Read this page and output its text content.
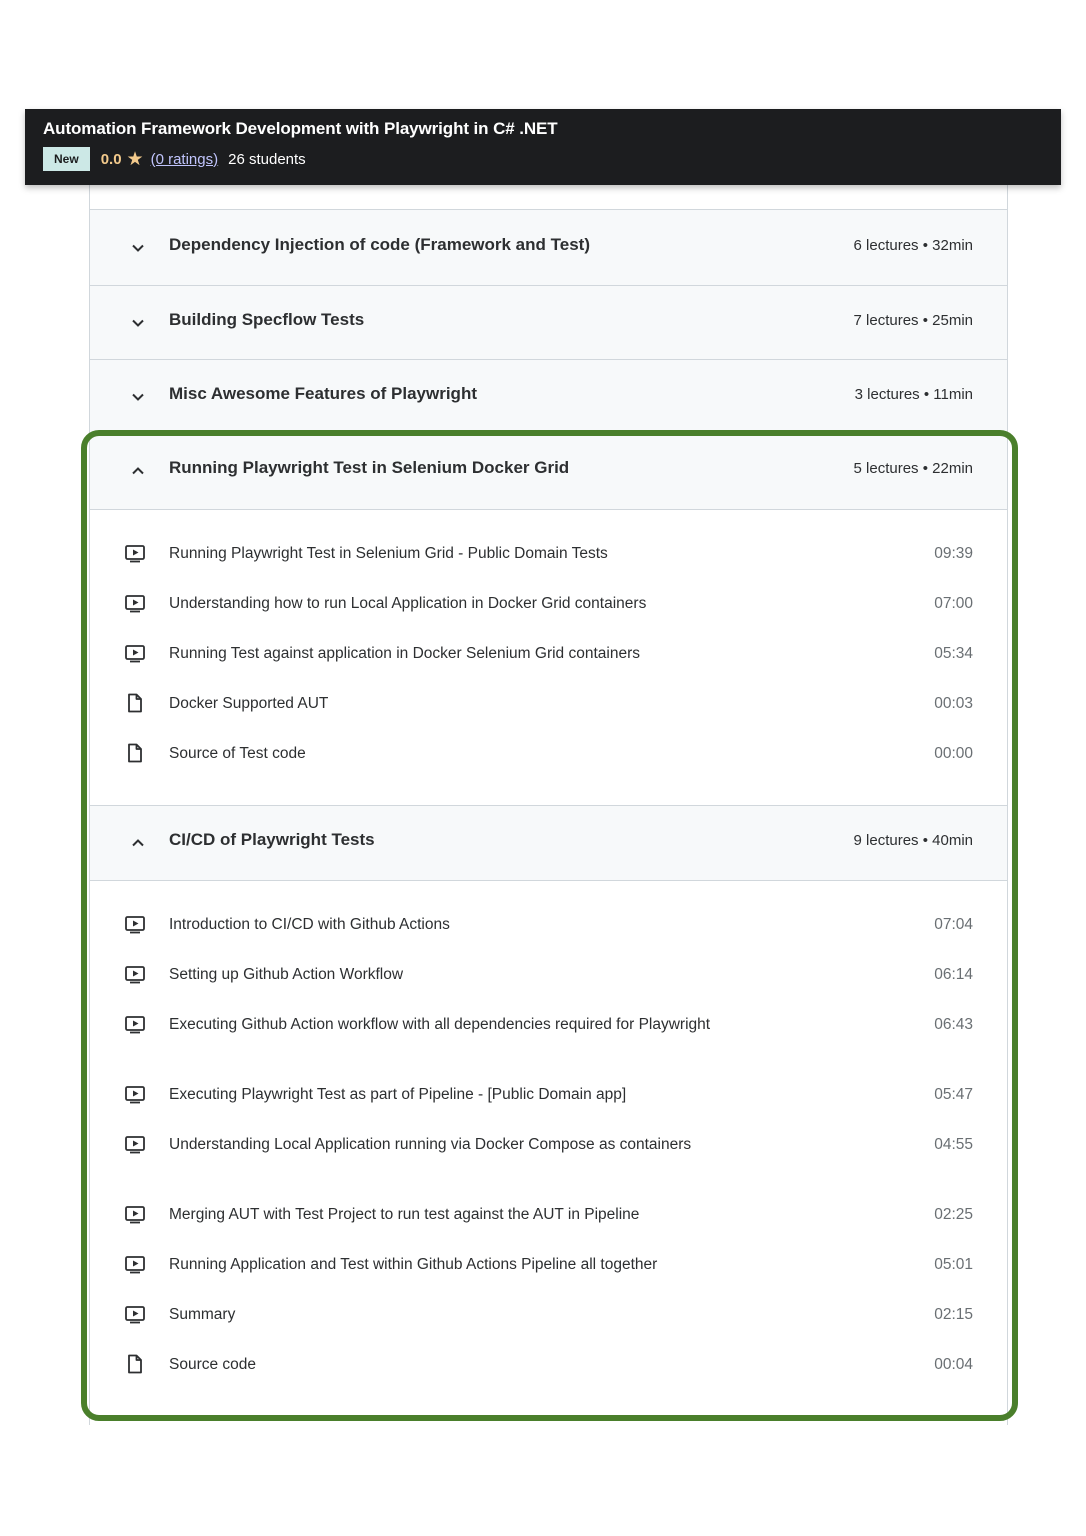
Automation Framework Development with Playwright in C# .NET
New	0.0 ★ (0 ratings) 26 students
Dependency Injection of code (Framework and Test)	6 lectures • 32min
Building Specflow Tests	7 lectures • 25min
Misc Awesome Features of Playwright	3 lectures • 11min
Running Playwright Test in Selenium Docker Grid	5 lectures • 22min
Running Playwright Test in Selenium Grid - Public Domain Tests	09:39
Understanding how to run Local Application in Docker Grid containers	07:00
Running Test against application in Docker Selenium Grid containers	05:34
Docker Supported AUT	00:03
Source of Test code	00:00
CI/CD of Playwright Tests	9 lectures • 40min
Introduction to CI/CD with Github Actions	07:04
Setting up Github Action Workflow	06:14
Executing Github Action workflow with all dependencies required for Playwright	06:43
Executing Playwright Test as part of Pipeline - [Public Domain app]	05:47
Understanding Local Application running via Docker Compose as containers	04:55
Merging AUT with Test Project to run test against the AUT in Pipeline	02:25
Running Application and Test within Github Actions Pipeline all together	05:01
Summary	02:15
Source code	00:04
